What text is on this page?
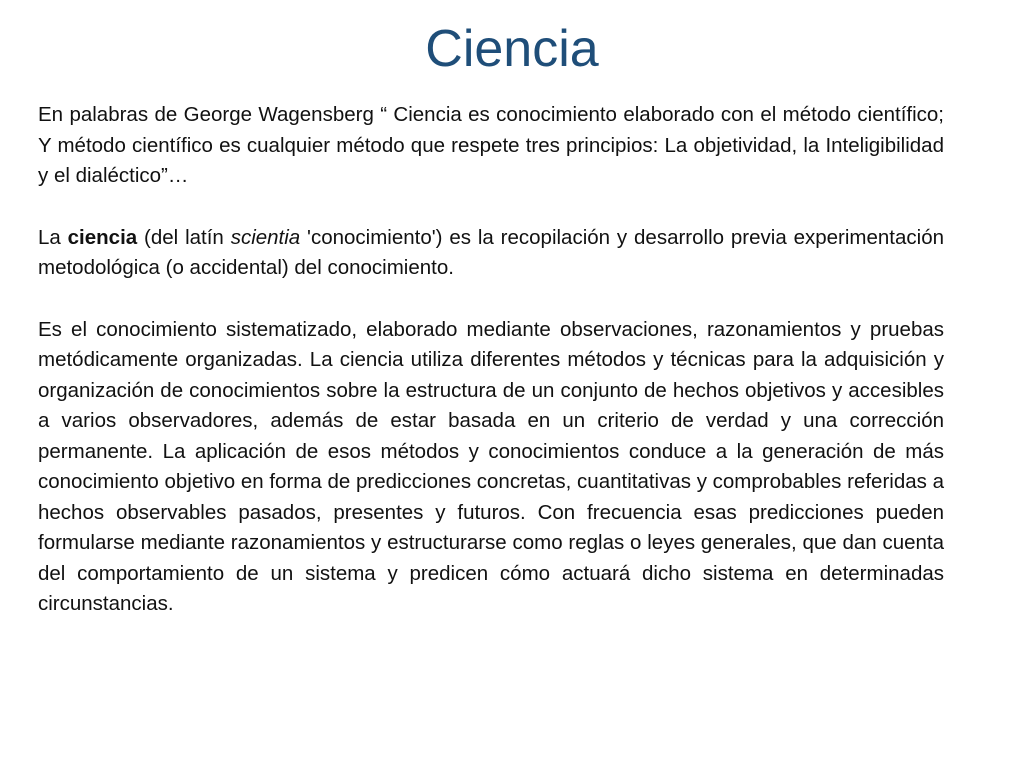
Ciencia

En palabras de George Wagensberg “ Ciencia es conocimiento elaborado con el método científico; Y método científico es cualquier método que respete tres principios: La objetividad, la Inteligibilidad y el dialéctico”…

La ciencia (del latín scientia 'conocimiento') es la recopilación y desarrollo previa experimentación metodológica (o accidental) del conocimiento.

Es el conocimiento sistematizado, elaborado mediante observaciones, razonamientos y pruebas metódicamente organizadas. La ciencia utiliza diferentes métodos y técnicas para la adquisición y organización de conocimientos sobre la estructura de un conjunto de hechos objetivos y accesibles a varios observadores, además de estar basada en un criterio de verdad y una corrección permanente. La aplicación de esos métodos y conocimientos conduce a la generación de más conocimiento objetivo en forma de predicciones concretas, cuantitativas y comprobables referidas a hechos observables pasados, presentes y futuros. Con frecuencia esas predicciones pueden formularse mediante razonamientos y estructurarse como reglas o leyes generales, que dan cuenta del comportamiento de un sistema y predicen cómo actuará dicho sistema en determinadas circunstancias.
